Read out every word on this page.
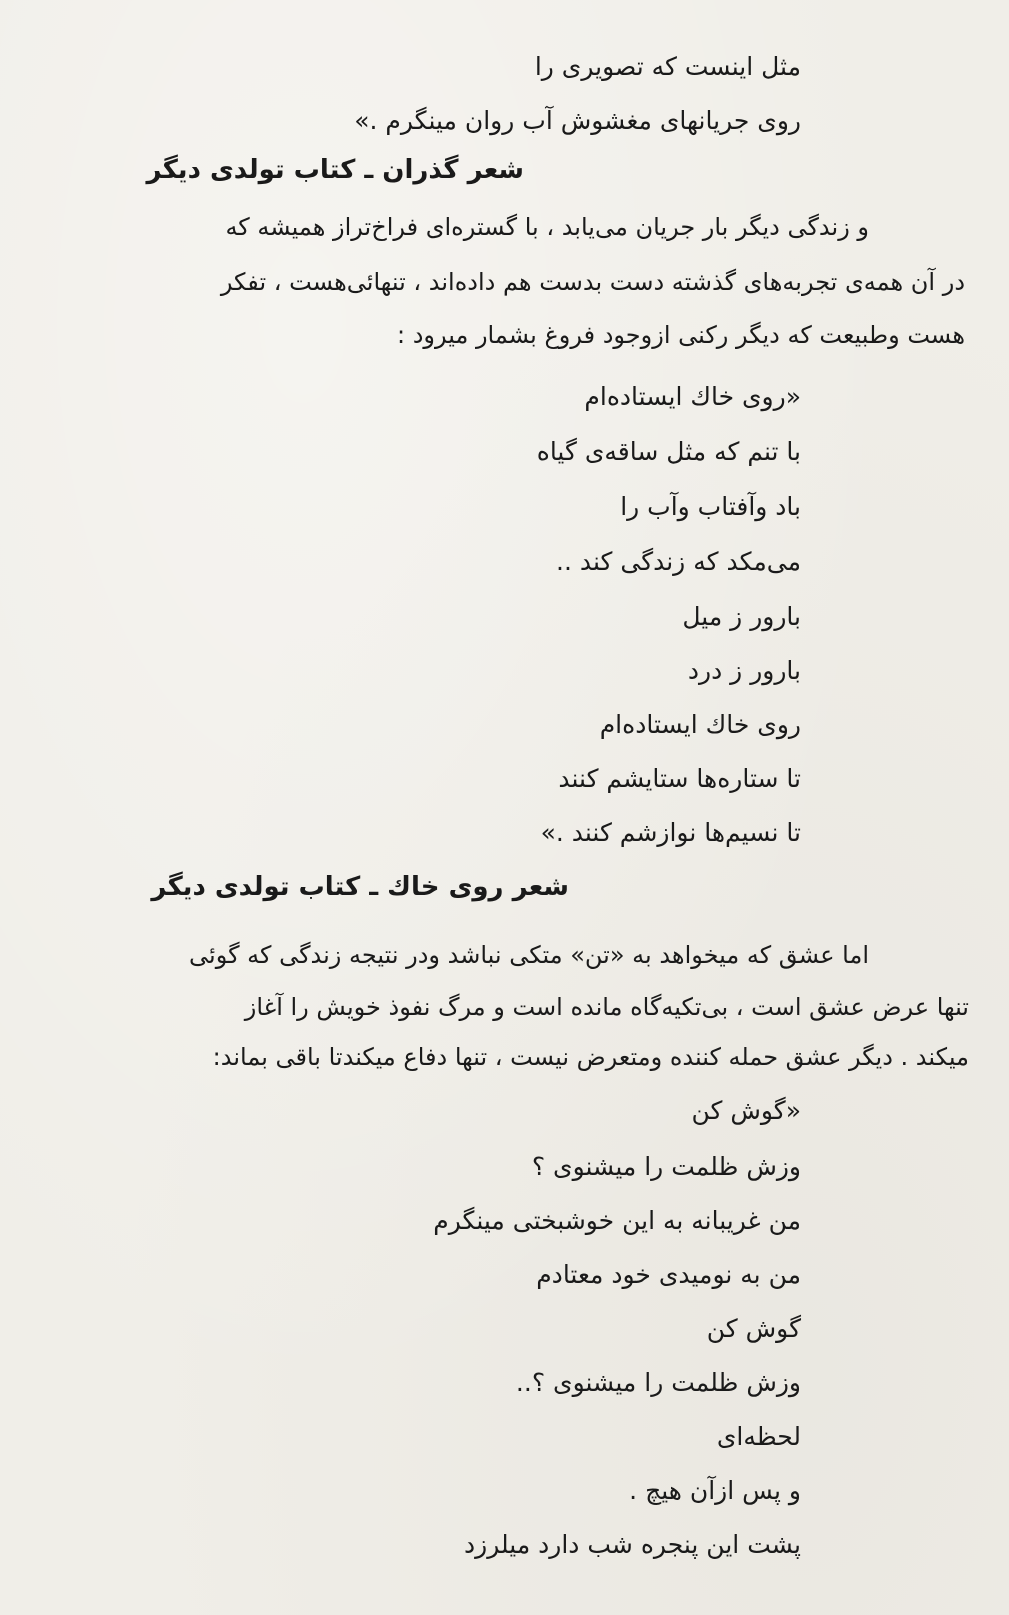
مثل اینست که تصویری را
روی جریانهای مغشوش آب روان مینگرم .»
شعر گذران ـ کتاب تولدی دیگر
و زندگی دیگر بار جریان می‌یابد ، با گستره‌ای فراخ‌تراز همیشه که
در آن همه‌ی تجربه‌های گذشته دست بدست هم داده‌اند ، تنهائی‌هست ، تفکر
هست وطبیعت که دیگر رکنی ازوجود فروغ بشمار میرود :
«روی خاك ایستاده‌ام
با تنم که مثل ساقه‌ی گیاه
باد وآفتاب وآب را
می‌مکد که زندگی کند ..
بارور ز میل
بارور ز درد
روی خاك ایستاده‌ام
تا ستاره‌ها ستایشم کنند
تا نسیم‌ها نوازشم کنند .»
شعر روی خاك ـ کتاب تولدی دیگر
اما عشق که میخواهد به «تن» متکی نباشد ودر نتیجه زندگی که گوئی
تنها عرض عشق است ، بی‌تکیه‌گاه مانده است و مرگ نفوذ خویش را آغاز
میکند . دیگر عشق حمله کننده ومتعرض نیست ، تنها دفاع میکندتا باقی بماند:
«گوش کن
وزش ظلمت را میشنوی ؟
من غریبانه به این خوشبختی مینگرم
من به نومیدی خود معتادم
گوش کن
وزش ظلمت را میشنوی ؟..
لحظه‌ای
و پس ازآن هیچ .
پشت این پنجره شب دارد میلرزد
